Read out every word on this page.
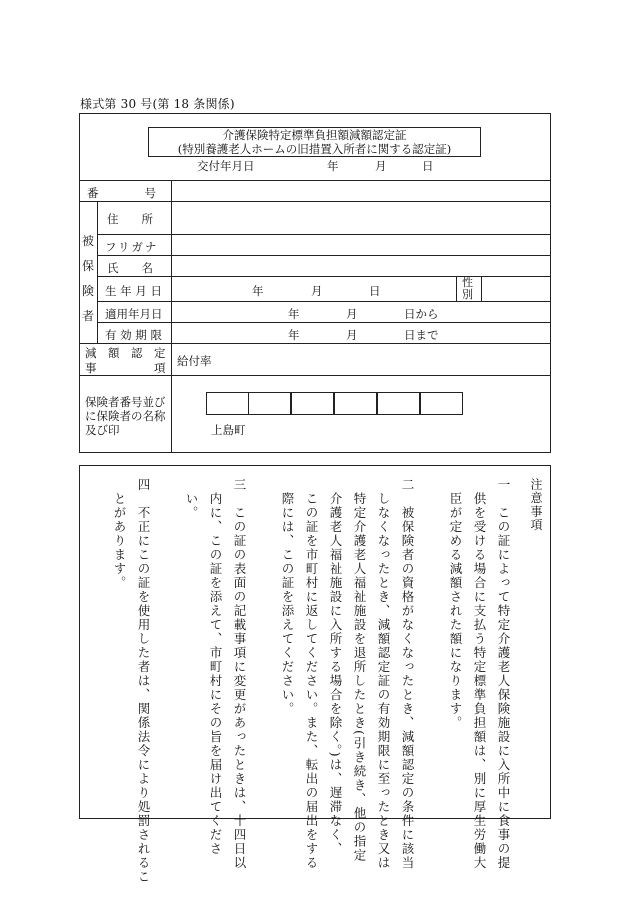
様式第 30 号(第 18 条関係)
介護保険特定標準負担額減額認定証
(特別養護老人ホームの旧措置入所者に関する認定証)
交付年月日	年	月	日
番　　　　号
被
保
険
者
住　　所
フリガナ
氏　　名
生 年 月 日	年	月	日
性別
適用年月日	年	月	日から
有 効 期 限	年	月	日まで
減　額　認　定
事　　　　　項 給付率
保険者番号並び
に保険者の名称
及び印	上島町
注意事項
一　この証によって特定介護老人保険施設に入所中に食事の提
　供を受ける場合に支払う特定標準負担額は、別に厚生労働大
　臣が定める減額された額になります。
二　被保険者の資格がなくなったとき、減額認定の条件に該当
　しなくなったとき、減額認定証の有効期限に至ったとき又は
　特定介護老人福祉施設を退所したとき(引き続き、他の指定
　介護老人福祉施設に入所する場合を除く。)は、遅滞なく、
　この証を市町村に返してください。また、転出の届出をする
　際には、この証を添えてください。
三　この証の表面の記載事項に変更があったときは、十四日以
　内に、この証を添えて、市町村にその旨を届け出てくださ
　い。
四　不正にこの証を使用した者は、関係法令により処罰されるこ
　とがあります。
